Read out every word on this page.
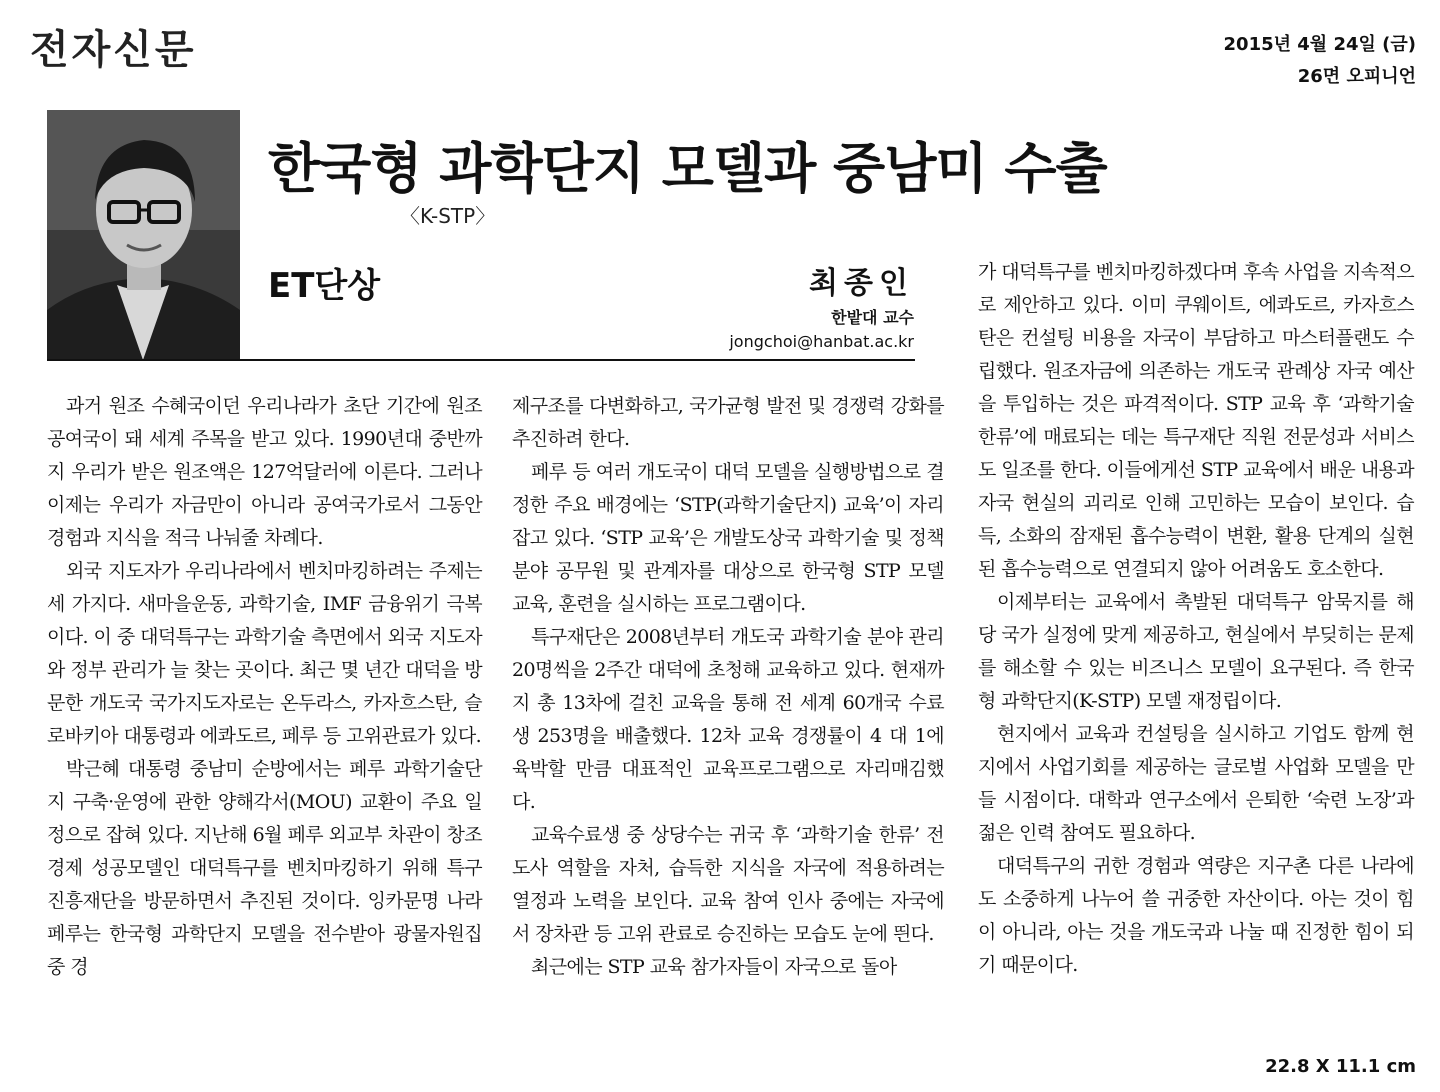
전자신문	2015년 4월 24일 (금)
26면 오피니언
한국형 과학단지 모델과 중남미 수출
〈K-STP〉
ET단상	최종인
한밭대 교수
jongchoi@hanbat.ac.kr

과거 원조 수혜국이던 우리나라가 초단 기간에 원조공여국이 돼 세계 주목을 받고 있다. 1990년대 중반까지 우리가 받은 원조액은 127억달러에 이른다. 그러나 이제는 우리가 자금만이 아니라 공여국가로서 그동안 경험과 지식을 적극 나눠줄 차례다.

외국 지도자가 우리나라에서 벤치마킹하려는 주제는 세 가지다. 새마을운동, 과학기술, IMF 금융위기 극복이다. 이 중 대덕특구는 과학기술 측면에서 외국 지도자와 정부 관리가 늘 찾는 곳이다. 최근 몇 년간 대덕을 방문한 개도국 국가지도자로는 온두라스, 카자흐스탄, 슬로바키아 대통령과 에콰도르, 페루 등 고위관료가 있다.

박근혜 대통령 중남미 순방에서는 페루 과학기술단지 구축·운영에 관한 양해각서(MOU) 교환이 주요 일정으로 잡혀 있다. 지난해 6월 페루 외교부 차관이 창조경제 성공모델인 대덕특구를 벤치마킹하기 위해 특구진흥재단을 방문하면서 추진된 것이다. 잉카문명 나라 페루는 한국형 과학단지 모델을 전수받아 광물자원집중 경

제구조를 다변화하고, 국가균형 발전 및 경쟁력 강화를 추진하려 한다.

페루 등 여러 개도국이 대덕 모델을 실행방법으로 결정한 주요 배경에는 ‘STP(과학기술단지) 교육’이 자리 잡고 있다. ‘STP 교육’은 개발도상국 과학기술 및 정책 분야 공무원 및 관계자를 대상으로 한국형 STP 모델 교육, 훈련을 실시하는 프로그램이다.

특구재단은 2008년부터 개도국 과학기술 분야 관리 20명씩을 2주간 대덕에 초청해 교육하고 있다. 현재까지 총 13차에 걸친 교육을 통해 전 세계 60개국 수료생 253명을 배출했다. 12차 교육 경쟁률이 4 대 1에 육박할 만큼 대표적인 교육프로그램으로 자리매김했다.

교육수료생 중 상당수는 귀국 후 ‘과학기술 한류’ 전도사 역할을 자처, 습득한 지식을 자국에 적용하려는 열정과 노력을 보인다. 교육 참여 인사 중에는 자국에서 장차관 등 고위 관료로 승진하는 모습도 눈에 띈다.

최근에는 STP 교육 참가자들이 자국으로 돌아

가 대덕특구를 벤치마킹하겠다며 후속 사업을 지속적으로 제안하고 있다. 이미 쿠웨이트, 에콰도르, 카자흐스탄은 컨설팅 비용을 자국이 부담하고 마스터플랜도 수립했다. 원조자금에 의존하는 개도국 관례상 자국 예산을 투입하는 것은 파격적이다. STP 교육 후 ‘과학기술 한류’에 매료되는 데는 특구재단 직원 전문성과 서비스도 일조를 한다. 이들에게선 STP 교육에서 배운 내용과 자국 현실의 괴리로 인해 고민하는 모습이 보인다. 습득, 소화의 잠재된 흡수능력이 변환, 활용 단계의 실현된 흡수능력으로 연결되지 않아 어려움도 호소한다.

이제부터는 교육에서 촉발된 대덕특구 암묵지를 해당 국가 실정에 맞게 제공하고, 현실에서 부딪히는 문제를 해소할 수 있는 비즈니스 모델이 요구된다. 즉 한국형 과학단지(K-STP) 모델 재정립이다.

현지에서 교육과 컨설팅을 실시하고 기업도 함께 현지에서 사업기회를 제공하는 글로벌 사업화 모델을 만들 시점이다. 대학과 연구소에서 은퇴한 ‘숙련 노장’과 젊은 인력 참여도 필요하다.

대덕특구의 귀한 경험과 역량은 지구촌 다른 나라에도 소중하게 나누어 쓸 귀중한 자산이다. 아는 것이 힘이 아니라, 아는 것을 개도국과 나눌 때 진정한 힘이 되기 때문이다.

22.8 X 11.1 cm
